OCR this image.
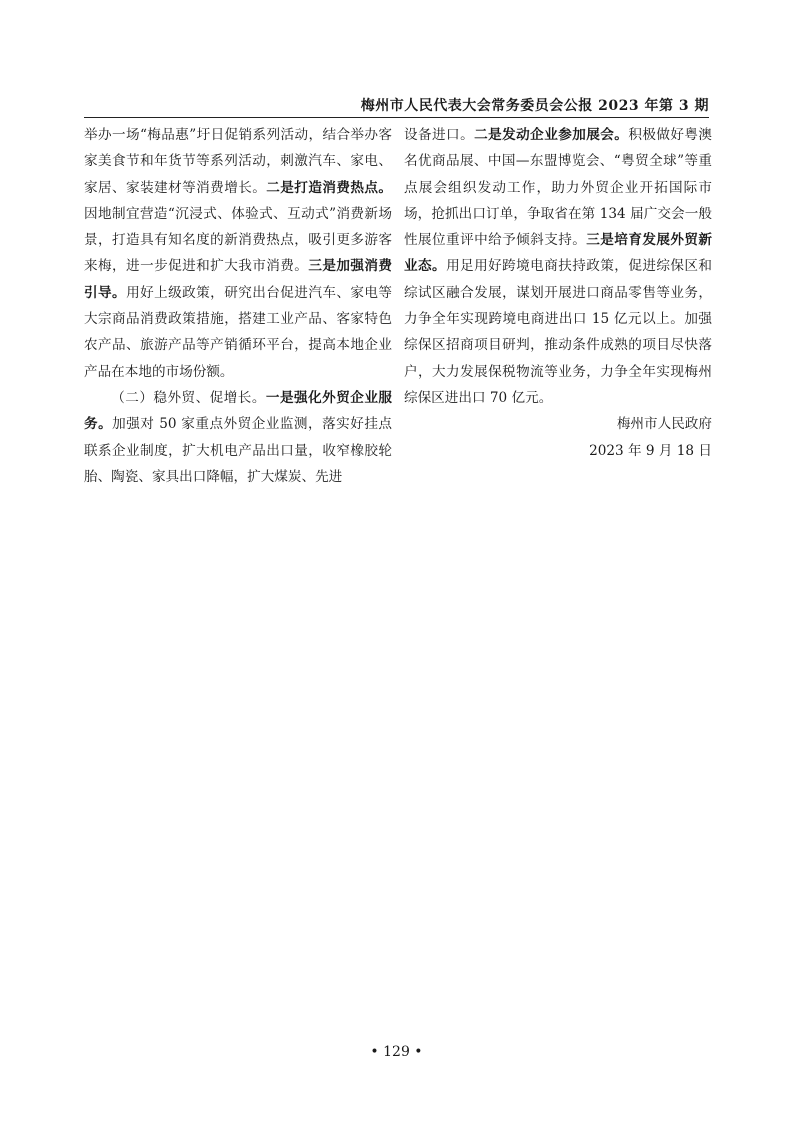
梅州市人民代表大会常务委员会公报 2023 年第 3 期

举办一场“梅品惠”圩日促销系列活动，结合举办客家美食节和年货节等系列活动，刺激汽车、家电、家居、家装建材等消费增长。二是打造消费热点。因地制宜营造“沉浸式、体验式、互动式”消费新场景，打造具有知名度的新消费热点，吸引更多游客来梅，进一步促进和扩大我市消费。三是加强消费引导。用好上级政策，研究出台促进汽车、家电等大宗商品消费政策措施，搭建工业产品、客家特色农产品、旅游产品等产销循环平台，提高本地企业产品在本地的市场份额。

（二）稳外贸、促增长。一是强化外贸企业服务。加强对 50 家重点外贸企业监测，落实好挂点联系企业制度，扩大机电产品出口量，收窄橡胶轮胎、陶瓷、家具出口降幅，扩大煤炭、先进

设备进口。二是发动企业参加展会。积极做好粤澳名优商品展、中国—东盟博览会、“粤贸全球”等重点展会组织发动工作，助力外贸企业开拓国际市场，抢抓出口订单，争取省在第 134 届广交会一般性展位重评中给予倾斜支持。三是培育发展外贸新业态。用足用好跨境电商扶持政策，促进综保区和综试区融合发展，谋划开展进口商品零售等业务，力争全年实现跨境电商进出口 15 亿元以上。加强综保区招商项目研判，推动条件成熟的项目尽快落户，大力发展保税物流等业务，力争全年实现梅州综保区进出口 70 亿元。

梅州市人民政府

2023 年 9 月 18 日

• 129 •
